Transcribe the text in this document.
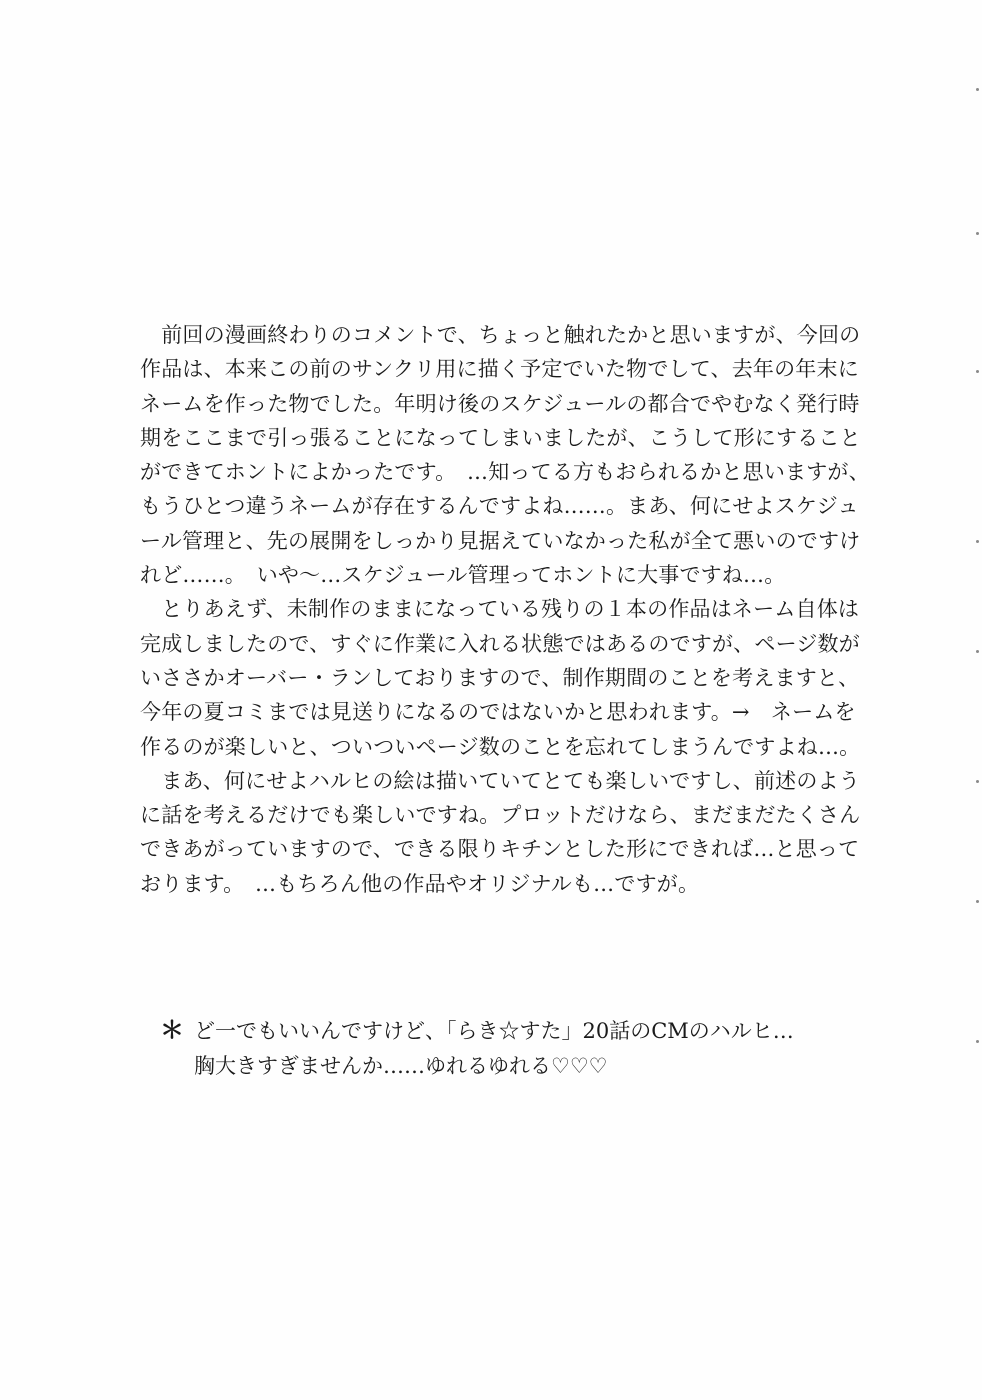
　前回の漫画終わりのコメントで、ちょっと触れたかと思いますが、今回の
作品は、本来この前のサンクリ用に描く予定でいた物でして、去年の年末に
ネームを作った物でした。年明け後のスケジュールの都合でやむなく発行時
期をここまで引っ張ることになってしまいましたが、こうして形にすること
ができてホントによかったです。　…知ってる方もおられるかと思いますが、
もうひとつ違うネームが存在するんですよね……。まあ、何にせよスケジュ
ール管理と、先の展開をしっかり見据えていなかった私が全て悪いのですけ
れど……。　いや～…スケジュール管理ってホントに大事ですね…。
　とりあえず、未制作のままになっている残りの１本の作品はネーム自体は
完成しましたので、すぐに作業に入れる状態ではあるのですが、ページ数が
いささかオーバー・ランしておりますので、制作期間のことを考えますと、
今年の夏コミまでは見送りになるのではないかと思われます。→　ネームを
作るのが楽しいと、ついついページ数のことを忘れてしまうんですよね…。
　まあ、何にせよハルヒの絵は描いていてとても楽しいですし、前述のよう
に話を考えるだけでも楽しいですね。プロットだけなら、まだまだたくさん
できあがっていますので、できる限りキチンとした形にできれば…と思って
おります。　…もちろん他の作品やオリジナルも…ですが。
＊ ど一でもいいんですけど、「らき☆すた」20話のCMのハルヒ…
胸大きすぎませんか……ゆれるゆれる♡♡♡
